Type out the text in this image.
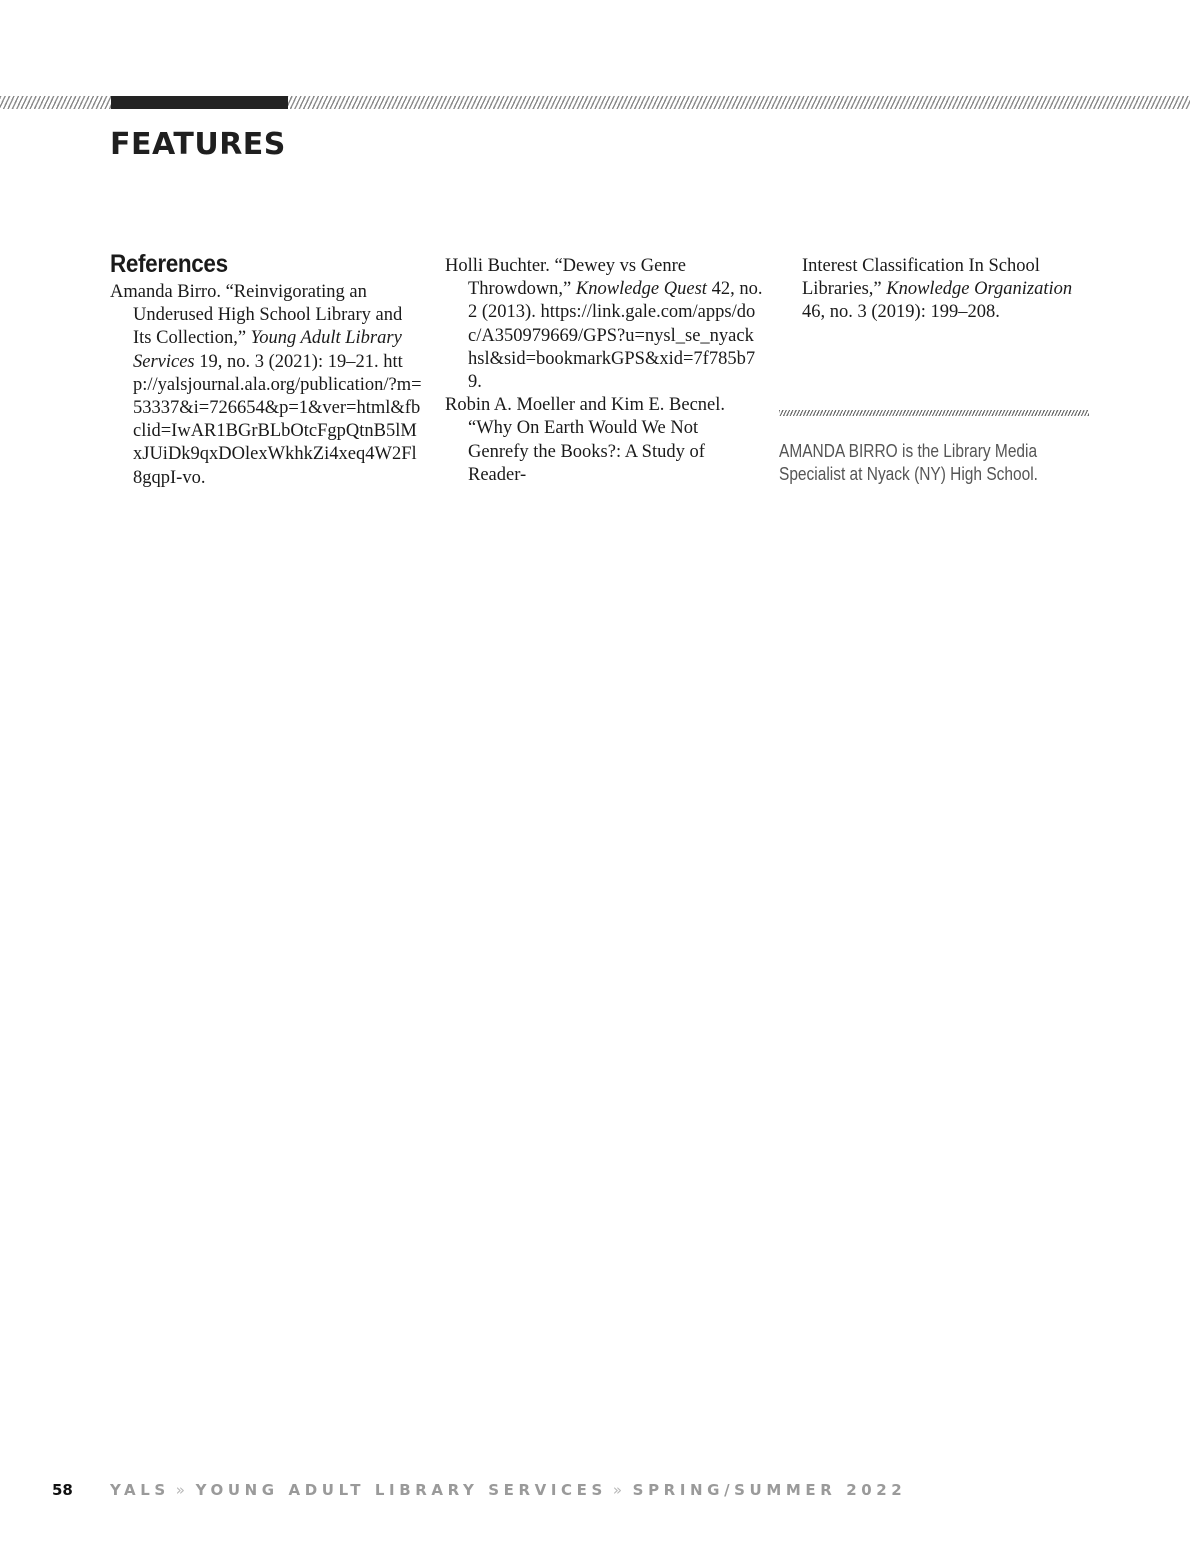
FEATURES
References

Amanda Birro. “Reinvigorating an Underused High School Library and Its Collection,” Young Adult Library Services 19, no. 3 (2021): 19–21. http://yalsjournal.ala.org/publication/?m=53337&i=726654&p=1&ver=html&fbclid=IwAR1BGrBLbOtcFgpQtnB5lMxJUiDk9qxDOlexWkhkZi4xeq4W2Fl8gqpI-vo.

Holli Buchter. “Dewey vs Genre Throwdown,” Knowledge Quest 42, no. 2 (2013). https://link.gale.com/apps/doc/A350979669/GPS?u=nysl_se_nyackhsl&sid=bookmarkGPS&xid=7f785b79.

Robin A. Moeller and Kim E. Becnel. “Why On Earth Would We Not Genrefy the Books?: A Study of Reader-

Interest Classification In School Libraries,” Knowledge Organization 46, no. 3 (2019): 199–208.

AMANDA BIRRO is the Library Media Specialist at Nyack (NY) High School.

58 YALS » YOUNG ADULT LIBRARY SERVICES » SPRING/SUMMER 2022
